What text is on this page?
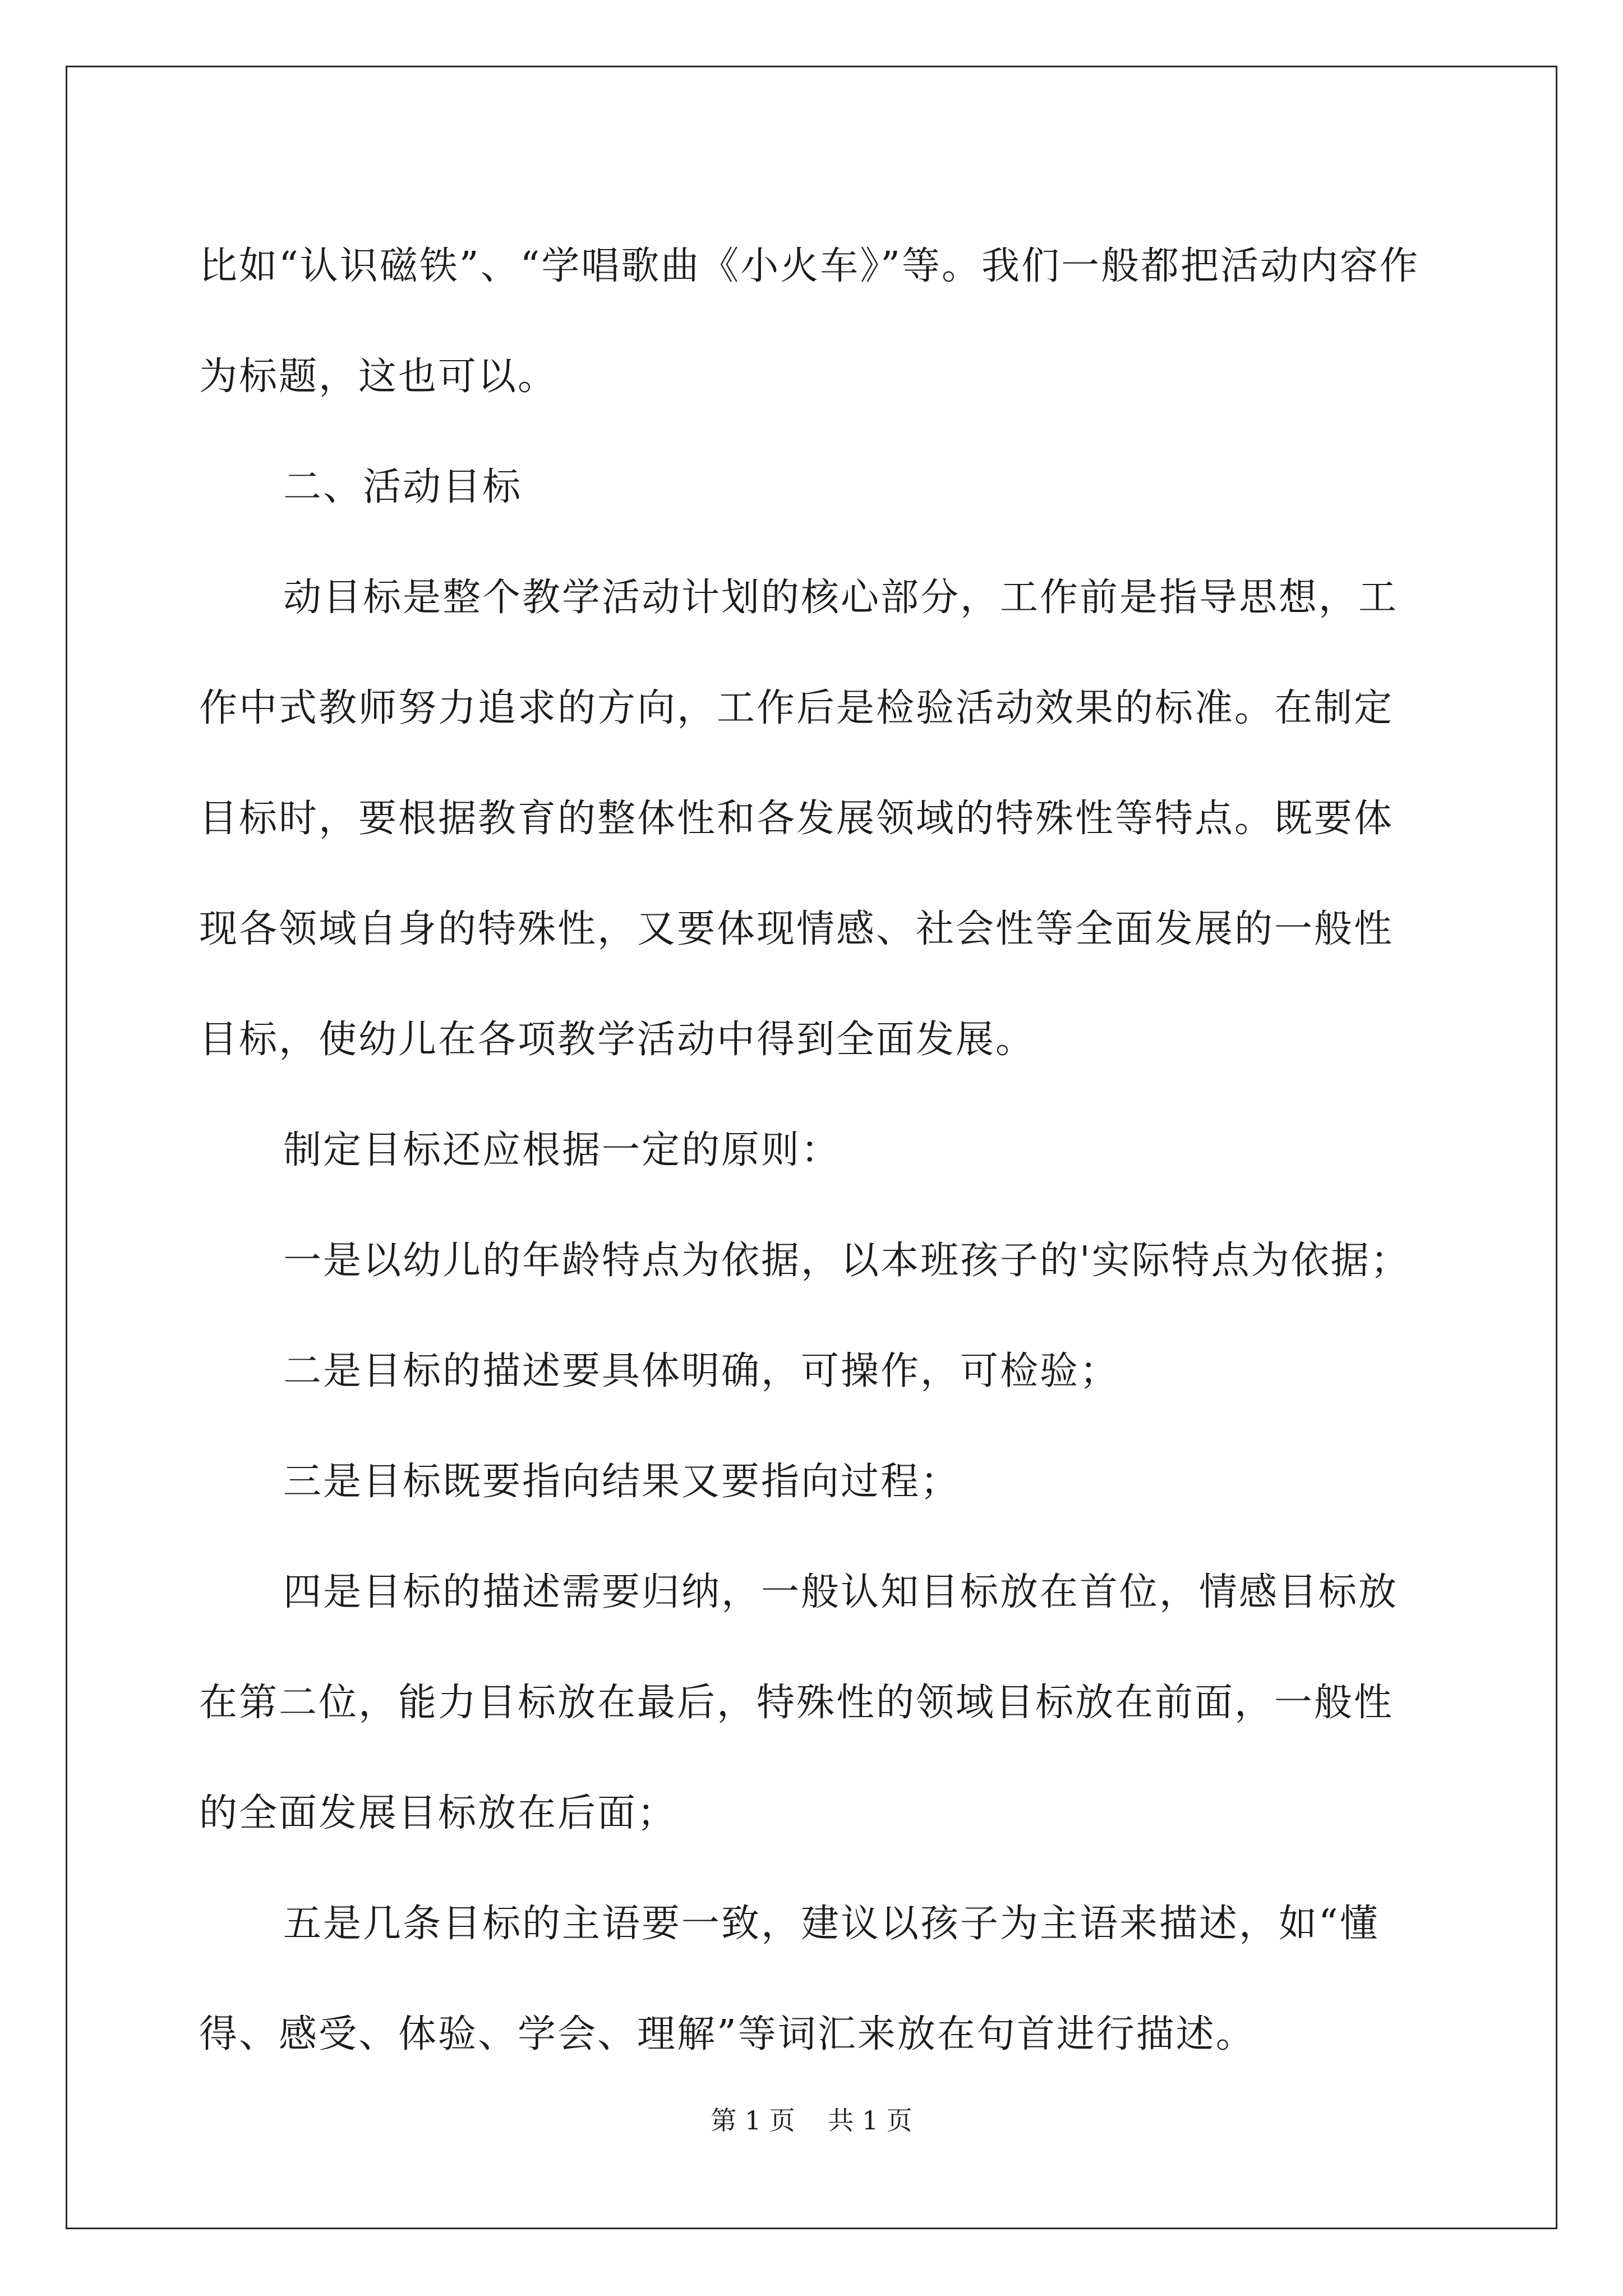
比如“认识磁铁”、“学唱歌曲《小火车》”等。我们一般都把活动内容作为标题，这也可以。

二、活动目标

动目标是整个教学活动计划的核心部分，工作前是指导思想，工作中式教师努力追求的方向，工作后是检验活动效果的标准。在制定目标时，要根据教育的整体性和各发展领域的特殊性等特点。既要体现各领域自身的特殊性，又要体现情感、社会性等全面发展的一般性目标，使幼儿在各项教学活动中得到全面发展。

制定目标还应根据一定的原则：

一是以幼儿的年龄特点为依据，以本班孩子的'实际特点为依据；

二是目标的描述要具体明确，可操作，可检验；

三是目标既要指向结果又要指向过程；

四是目标的描述需要归纳，一般认知目标放在首位，情感目标放在第二位，能力目标放在最后，特殊性的领域目标放在前面，一般性的全面发展目标放在后面；

五是几条目标的主语要一致，建议以孩子为主语来描述，如“懂得、感受、体验、学会、理解”等词汇来放在句首进行描述。

第 1 页    共 1 页
